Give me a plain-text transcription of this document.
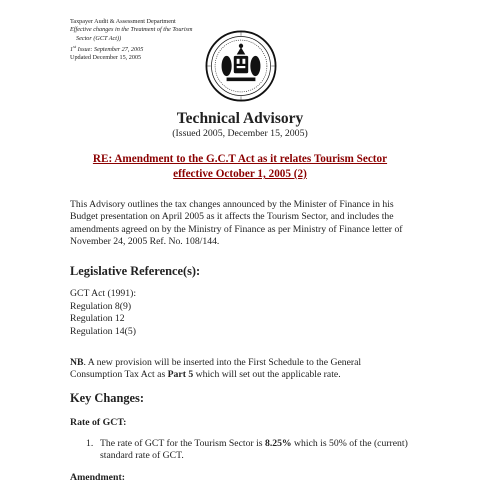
Taxpayer Audit & Assessment Department
Effective changes in the Treatment of the Tourism
Sector (GCT Act))
1st Issue: September 27, 2005
Updated December 15, 2005
Technical Advisory
(Issued 2005, December 15, 2005)
RE: Amendment to the G.C.T Act as it relates Tourism Sector
effective October 1, 2005 (2)
This Advisory outlines the tax changes announced by the Minister of Finance in his Budget presentation on April 2005 as it affects the Tourism Sector, and includes the amendments agreed on by the Ministry of Finance as per Ministry of Finance letter of November 24, 2005 Ref. No. 108/144.
Legislative Reference(s):
GCT Act (1991):
Regulation 8(9)
Regulation 12
Regulation 14(5)
NB. A new provision will be inserted into the First Schedule to the General Consumption Tax Act as Part 5 which will set out the applicable rate.
Key Changes:
Rate of GCT:
1. The rate of GCT for the Tourism Sector is 8.25% which is 50% of the (current) standard rate of GCT.
Amendment:
